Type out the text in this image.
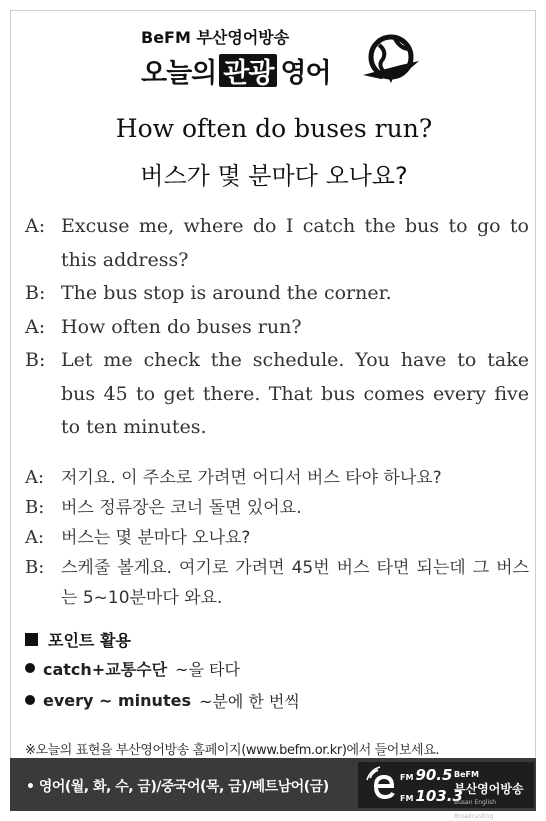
BeFM 부산영어방송
오늘의 관광 영어
How often do buses run?
버스가 몇 분마다 오나요?
A: Excuse me, where do I catch the bus to go to this address?
B: The bus stop is around the corner.
A: How often do buses run?
B: Let me check the schedule. You have to take bus 45 to get there. That bus comes every five to ten minutes.
A: 저기요. 이 주소로 가려면 어디서 버스 타야 하나요?
B: 버스 정류장은 코너 돌면 있어요.
A: 버스는 몇 분마다 오나요?
B: 스케줄 볼게요. 여기로 가려면 45번 버스 타면 되는데 그 버스는 5~10분마다 와요.
포인트 활용
catch+교통수단 ~을 타다
every ~ minutes ~분에 한 번씩
※오늘의 표현을 부산영어방송 홈페이지(www.befm.or.kr)에서 들어보세요.
• 영어(월, 화, 수, 금)/중국어(목, 금)/베트남어(금)
FM 90.5
FM 103.3
BeFM
부산영어방송
Busan English Broadcasting
